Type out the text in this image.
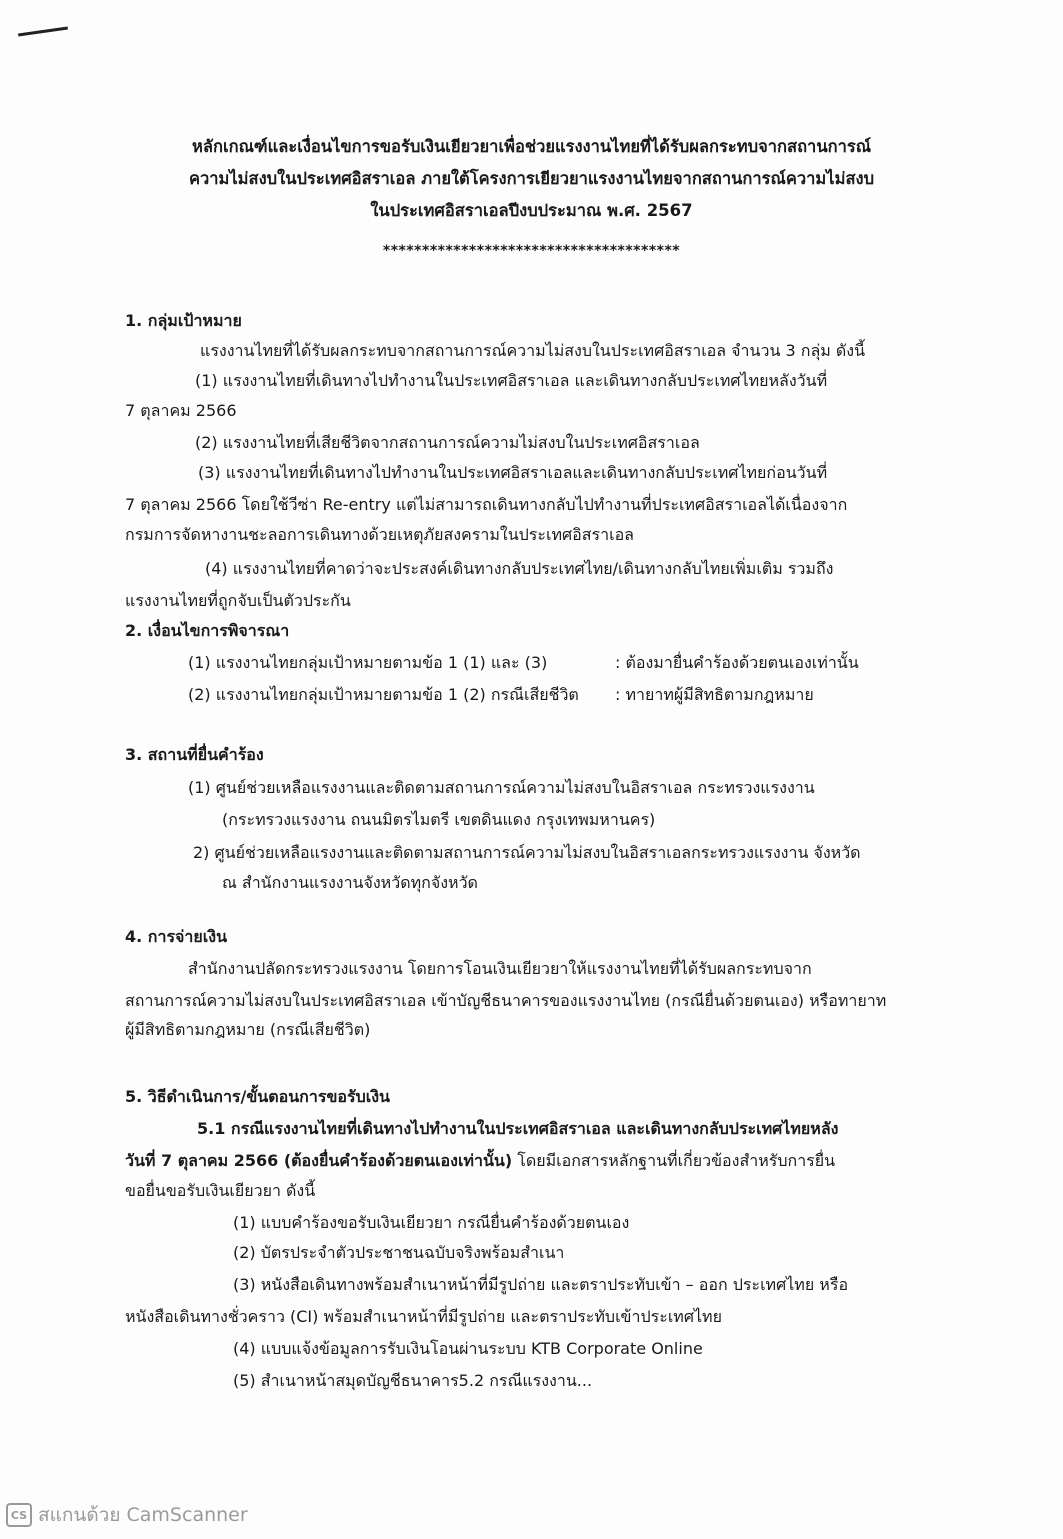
หลักเกณฑ์และเงื่อนไขการขอรับเงินเยียวยาเพื่อช่วยแรงงานไทยที่ได้รับผลกระทบจากสถานการณ์
ความไม่สงบในประเทศอิสราเอล ภายใต้โครงการเยียวยาแรงงานไทยจากสถานการณ์ความไม่สงบ
ในประเทศอิสราเอลปีงบประมาณ พ.ศ. 2567
**************************************
1. กลุ่มเป้าหมาย
แรงงานไทยที่ได้รับผลกระทบจากสถานการณ์ความไม่สงบในประเทศอิสราเอล จำนวน 3 กลุ่ม ดังนี้
(1) แรงงานไทยที่เดินทางไปทำงานในประเทศอิสราเอล และเดินทางกลับประเทศไทยหลังวันที่
7 ตุลาคม 2566
(2) แรงงานไทยที่เสียชีวิตจากสถานการณ์ความไม่สงบในประเทศอิสราเอล
(3) แรงงานไทยที่เดินทางไปทำงานในประเทศอิสราเอลและเดินทางกลับประเทศไทยก่อนวันที่
7 ตุลาคม 2566 โดยใช้วีซ่า Re-entry แต่ไม่สามารถเดินทางกลับไปทำงานที่ประเทศอิสราเอลได้เนื่องจาก
กรมการจัดหางานชะลอการเดินทางด้วยเหตุภัยสงครามในประเทศอิสราเอล
(4) แรงงานไทยที่คาดว่าจะประสงค์เดินทางกลับประเทศไทย/เดินทางกลับไทยเพิ่มเติม รวมถึง
แรงงานไทยที่ถูกจับเป็นตัวประกัน
2. เงื่อนไขการพิจารณา
(1) แรงงานไทยกลุ่มเป้าหมายตามข้อ 1 (1) และ (3)	: ต้องมายื่นคำร้องด้วยตนเองเท่านั้น
(2) แรงงานไทยกลุ่มเป้าหมายตามข้อ 1 (2) กรณีเสียชีวิต : ทายาทผู้มีสิทธิตามกฎหมาย
3. สถานที่ยื่นคำร้อง
(1) ศูนย์ช่วยเหลือแรงงานและติดตามสถานการณ์ความไม่สงบในอิสราเอล กระทรวงแรงงาน
(กระทรวงแรงงาน ถนนมิตรไมตรี เขตดินแดง กรุงเทพมหานคร)
2) ศูนย์ช่วยเหลือแรงงานและติดตามสถานการณ์ความไม่สงบในอิสราเอลกระทรวงแรงงาน จังหวัด
ณ สำนักงานแรงงานจังหวัดทุกจังหวัด
4. การจ่ายเงิน
สำนักงานปลัดกระทรวงแรงงาน โดยการโอนเงินเยียวยาให้แรงงานไทยที่ได้รับผลกระทบจาก
สถานการณ์ความไม่สงบในประเทศอิสราเอล เข้าบัญชีธนาคารของแรงงานไทย (กรณียื่นด้วยตนเอง) หรือทายาท
ผู้มีสิทธิตามกฎหมาย (กรณีเสียชีวิต)
5. วิธีดำเนินการ/ขั้นตอนการขอรับเงิน
5.1 กรณีแรงงานไทยที่เดินทางไปทำงานในประเทศอิสราเอล และเดินทางกลับประเทศไทยหลัง
วันที่ 7 ตุลาคม 2566 (ต้องยื่นคำร้องด้วยตนเองเท่านั้น) โดยมีเอกสารหลักฐานที่เกี่ยวข้องสำหรับการยื่น
ขอยื่นขอรับเงินเยียวยา ดังนี้
(1) แบบคำร้องขอรับเงินเยียวยา กรณียื่นคำร้องด้วยตนเอง
(2) บัตรประจำตัวประชาชนฉบับจริงพร้อมสำเนา
(3) หนังสือเดินทางพร้อมสำเนาหน้าที่มีรูปถ่าย และตราประทับเข้า – ออก ประเทศไทย หรือ
หนังสือเดินทางชั่วคราว (CI) พร้อมสำเนาหน้าที่มีรูปถ่าย และตราประทับเข้าประเทศไทย
(4) แบบแจ้งข้อมูลการรับเงินโอนผ่านระบบ KTB Corporate Online
(5) สำเนาหน้าสมุดบัญชีธนาคาร5.2 กรณีแรงงาน...
CS สแกนด้วย CamScanner
